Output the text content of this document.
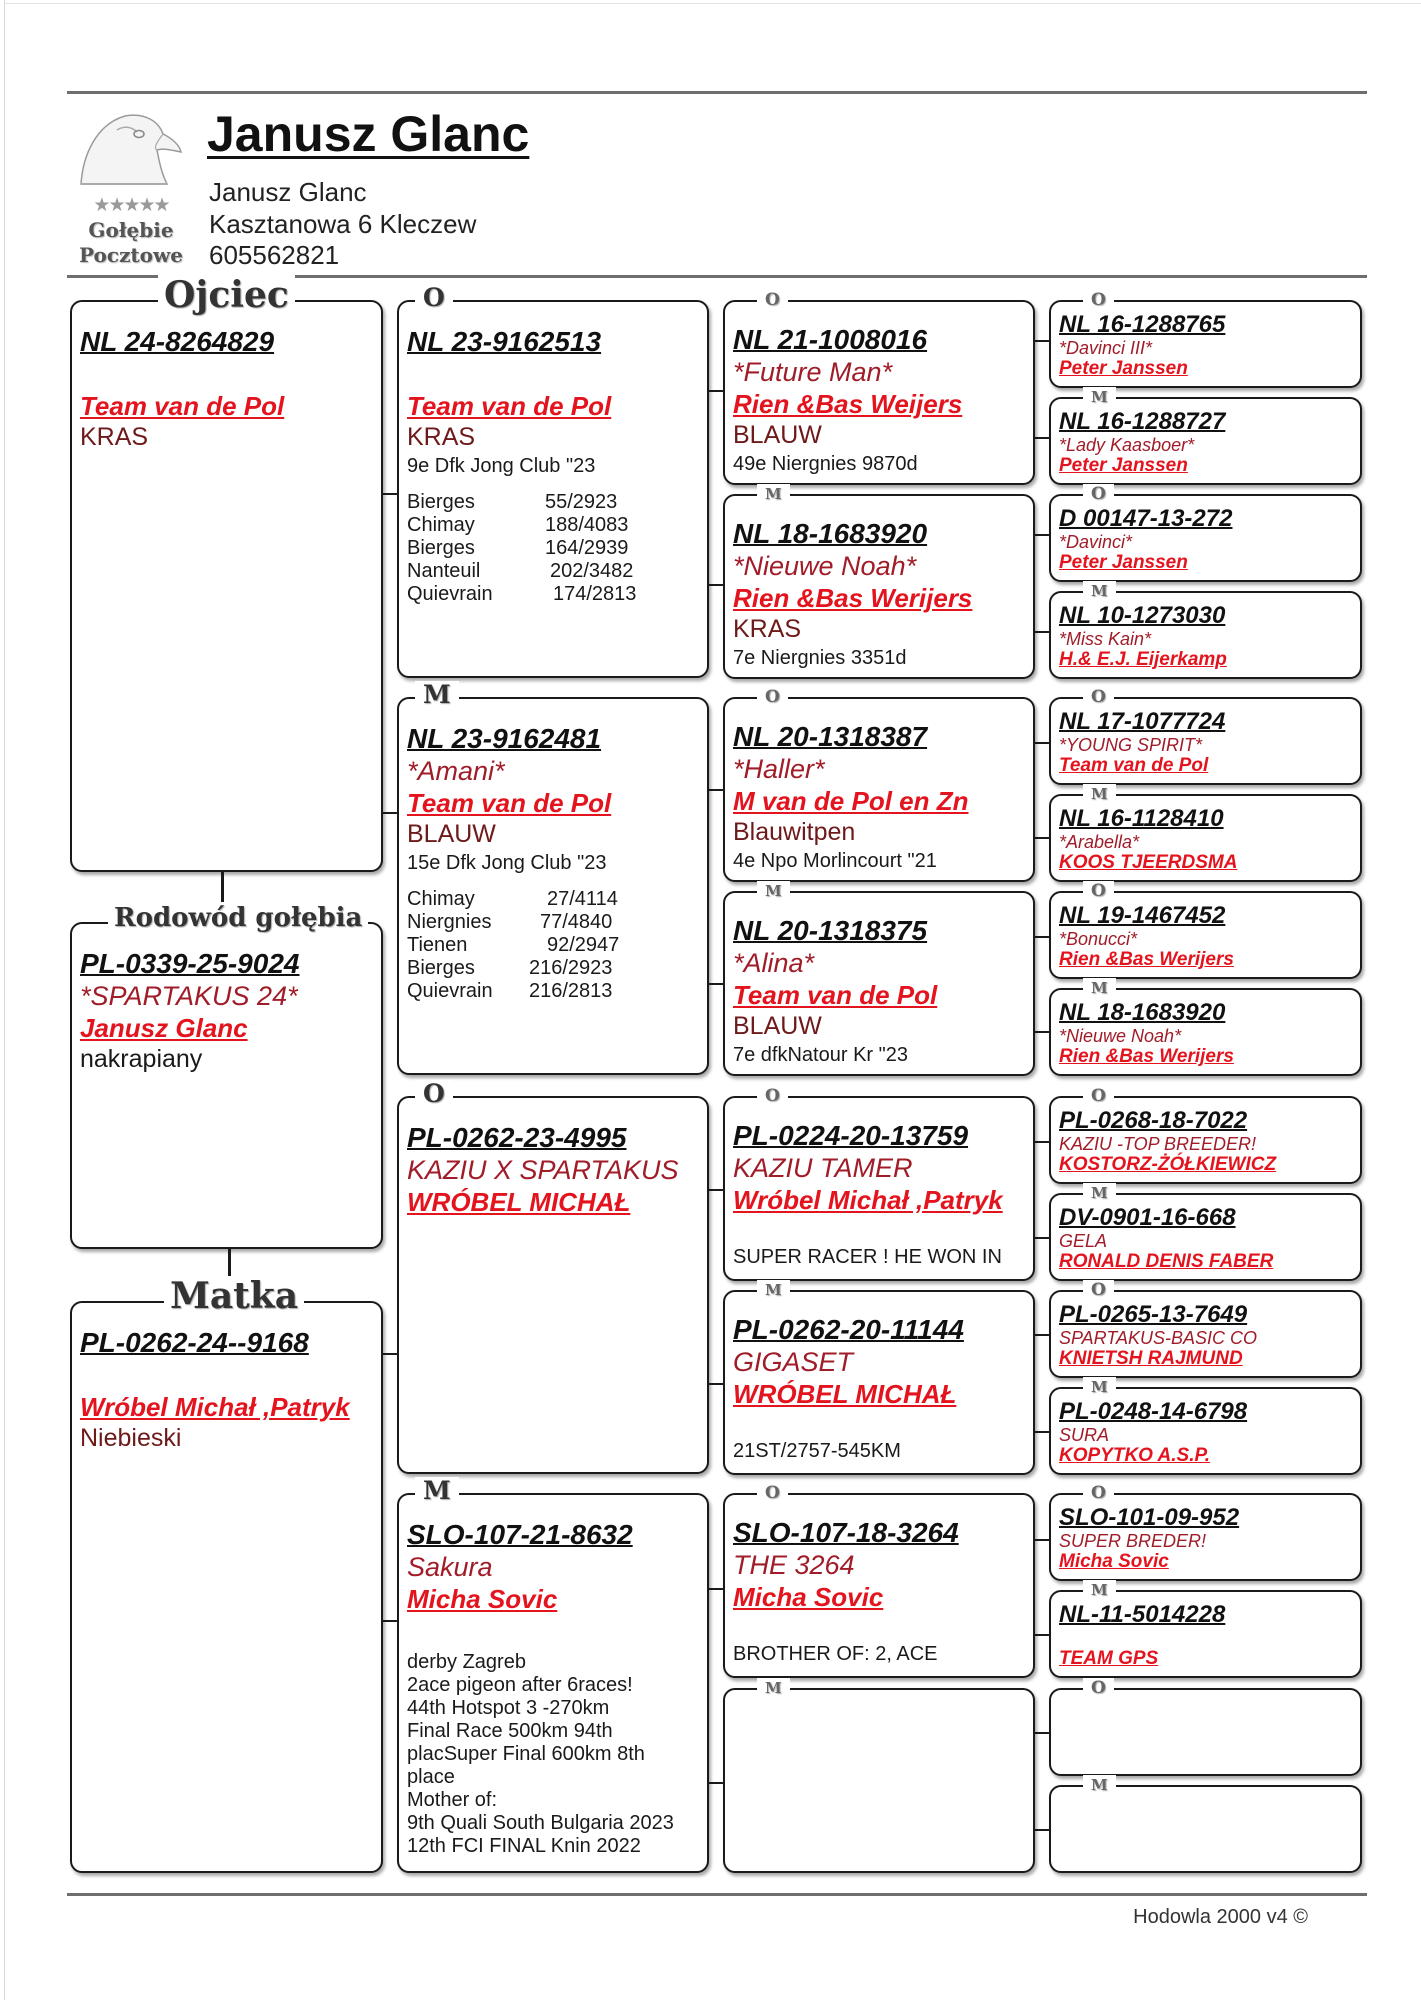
★★★★★
Gołębie
Pocztowe
Janusz Glanc
Janusz Glanc
Kasztanowa 6 Kleczew
605562821
Ojciec
NL 24-8264829
Team van de Pol
KRAS
Rodowód gołębia
PL-0339-25-9024
*SPARTAKUS 24*
Janusz Glanc
nakrapiany
Matka
PL-0262-24--9168
Wróbel Michał ,Patryk
Niebieski
O
NL 23-9162513
Team van de Pol
KRAS
9e Dfk Jong Club "23
Bierges	55/2923
Chimay	188/4083
Bierges	164/2939
Nanteuil	202/3482
Quievrain	174/2813
M
NL 23-9162481
*Amani*
Team van de Pol
BLAUW
15e Dfk Jong Club "23
Chimay	27/4114
Niergnies 77/4840
Tienen	92/2947
Bierges	216/2923
Quievrain 216/2813
O
PL-0262-23-4995
KAZIU X SPARTAKUS
WRÓBEL MICHAŁ
M
SLO-107-21-8632
Sakura
Micha Sovic
derby Zagreb
2ace pigeon after 6races!
44th Hotspot 3 -270km
Final Race 500km 94th
placSuper Final 600km 8th
place
Mother of:
9th Quali South Bulgaria 2023
12th FCI FINAL Knin 2022
O
NL 21-1008016
*Future Man*
Rien &Bas Weijers
BLAUW
49e Niergnies 9870d
M
NL 18-1683920
*Nieuwe Noah*
Rien &Bas Werijers
KRAS
7e Niergnies 3351d
O
NL 20-1318387
*Haller*
M van de Pol en Zn
Blauwitpen
4e Npo Morlincourt "21
M
NL 20-1318375
*Alina*
Team van de Pol
BLAUW
7e dfkNatour Kr "23
O
PL-0224-20-13759
KAZIU TAMER
Wróbel Michał ,Patryk
SUPER RACER ! HE WON IN
M
PL-0262-20-11144
GIGASET
WRÓBEL MICHAŁ
21ST/2757-545KM
O
SLO-107-18-3264
THE 3264
Micha Sovic
BROTHER OF: 2, ACE
M
O
NL 16-1288765
*Davinci III*
Peter Janssen
M
NL 16-1288727
*Lady Kaasboer*
Peter Janssen
O
D 00147-13-272
*Davinci*
Peter Janssen
M
NL 10-1273030
*Miss Kain*
H.& E.J. Eijerkamp
O
NL 17-1077724
*YOUNG SPIRIT*
Team van de Pol
M
NL 16-1128410
*Arabella*
KOOS TJEERDSMA
O
NL 19-1467452
*Bonucci*
Rien &Bas Werijers
M
NL 18-1683920
*Nieuwe Noah*
Rien &Bas Werijers
O
PL-0268-18-7022
KAZIU -TOP BREEDER!
KOSTORZ-ŻÓŁKIEWICZ
M
DV-0901-16-668
GELA
RONALD DENIS FABER
O
PL-0265-13-7649
SPARTAKUS-BASIC CO
KNIETSH RAJMUND
M
PL-0248-14-6798
SURA
KOPYTKO A.S.P.
O
SLO-101-09-952
SUPER BREDER!
Micha Sovic
M
NL-11-5014228
TEAM GPS
O
M
Hodowla 2000 v4 ©
